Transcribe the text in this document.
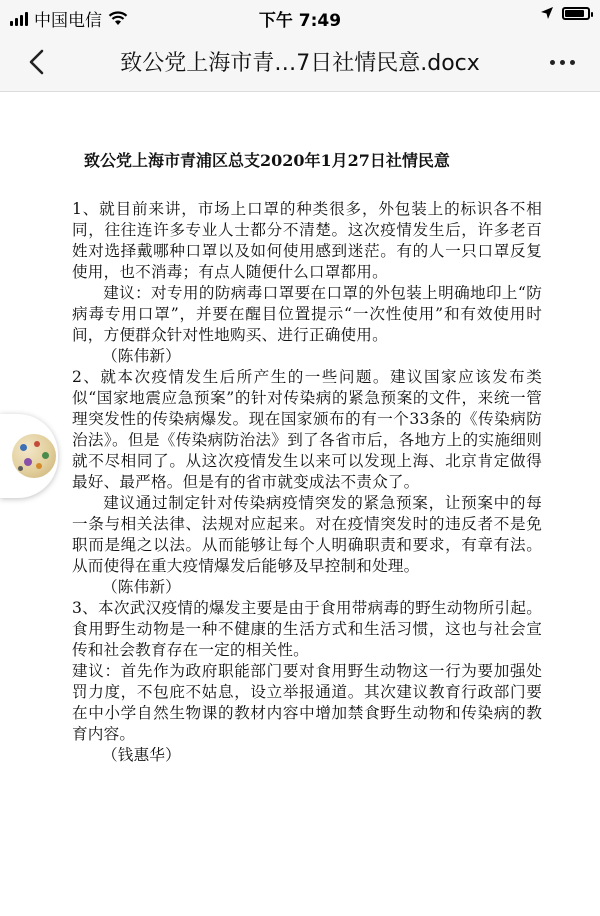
中国电信	下午 7:49
致公党上海市青…7日社情民意.docx
致公党上海市青浦区总支2020年1月27日社情民意

1、就目前来讲，市场上口罩的种类很多，外包装上的标识各不相同，往往连许多专业人士都分不清楚。这次疫情发生后，许多老百姓对选择戴哪种口罩以及如何使用感到迷茫。有的人一只口罩反复使用，也不消毒；有点人随便什么口罩都用。

建议：对专用的防病毒口罩要在口罩的外包装上明确地印上“防病毒专用口罩”，并要在醒目位置提示“一次性使用”和有效使用时间，方便群众针对性地购买、进行正确使用。

（陈伟新）

2、就本次疫情发生后所产生的一些问题。建议国家应该发布类似“国家地震应急预案”的针对传染病的紧急预案的文件，来统一管理突发性的传染病爆发。现在国家颁布的有一个33条的《传染病防治法》。但是《传染病防治法》到了各省市后，各地方上的实施细则就不尽相同了。从这次疫情发生以来可以发现上海、北京肯定做得最好、最严格。但是有的省市就变成法不责众了。

建议通过制定针对传染病疫情突发的紧急预案，让预案中的每一条与相关法律、法规对应起来。对在疫情突发时的违反者不是免职而是绳之以法。从而能够让每个人明确职责和要求，有章有法。从而使得在重大疫情爆发后能够及早控制和处理。

（陈伟新）

3、本次武汉疫情的爆发主要是由于食用带病毒的野生动物所引起。食用野生动物是一种不健康的生活方式和生活习惯，这也与社会宣传和社会教育存在一定的相关性。

建议：首先作为政府职能部门要对食用野生动物这一行为要加强处罚力度，不包庇不姑息，设立举报通道。其次建议教育行政部门要在中小学自然生物课的教材内容中增加禁食野生动物和传染病的教育内容。

（钱惠华）
